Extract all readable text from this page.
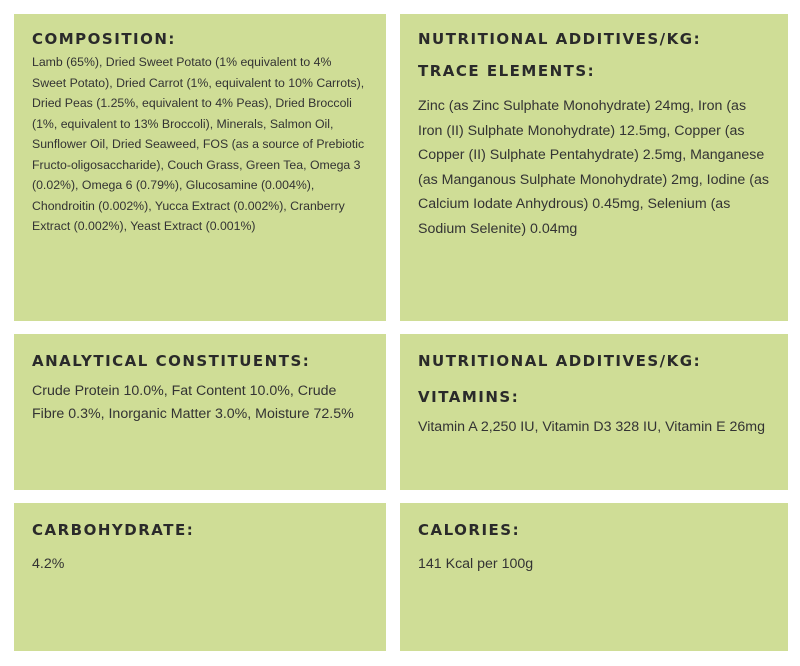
COMPOSITION:

Lamb (65%), Dried Sweet Potato (1% equivalent to 4% Sweet Potato), Dried Carrot (1%, equivalent to 10% Carrots), Dried Peas (1.25%, equivalent to 4% Peas), Dried Broccoli (1%, equivalent to 13% Broccoli), Minerals, Salmon Oil, Sunflower Oil, Dried Seaweed, FOS (as a source of Prebiotic Fructo-oligosaccharide), Couch Grass, Green Tea, Omega 3 (0.02%), Omega 6 (0.79%), Glucosamine (0.004%), Chondroitin (0.002%), Yucca Extract (0.002%), Cranberry Extract (0.002%), Yeast Extract (0.001%)

NUTRITIONAL ADDITIVES/KG:
TRACE ELEMENTS:

Zinc (as Zinc Sulphate Monohydrate) 24mg, Iron (as Iron (II) Sulphate Monohydrate) 12.5mg, Copper (as Copper (II) Sulphate Pentahydrate) 2.5mg, Manganese (as Manganous Sulphate Monohydrate) 2mg, Iodine (as Calcium Iodate Anhydrous) 0.45mg, Selenium (as Sodium Selenite) 0.04mg

ANALYTICAL CONSTITUENTS:

Crude Protein 10.0%, Fat Content 10.0%, Crude Fibre 0.3%, Inorganic Matter 3.0%, Moisture 72.5%

NUTRITIONAL ADDITIVES/KG:
VITAMINS:

Vitamin A 2,250 IU, Vitamin D3 328 IU, Vitamin E 26mg

CARBOHYDRATE:

4.2%

CALORIES:

141 Kcal per 100g
